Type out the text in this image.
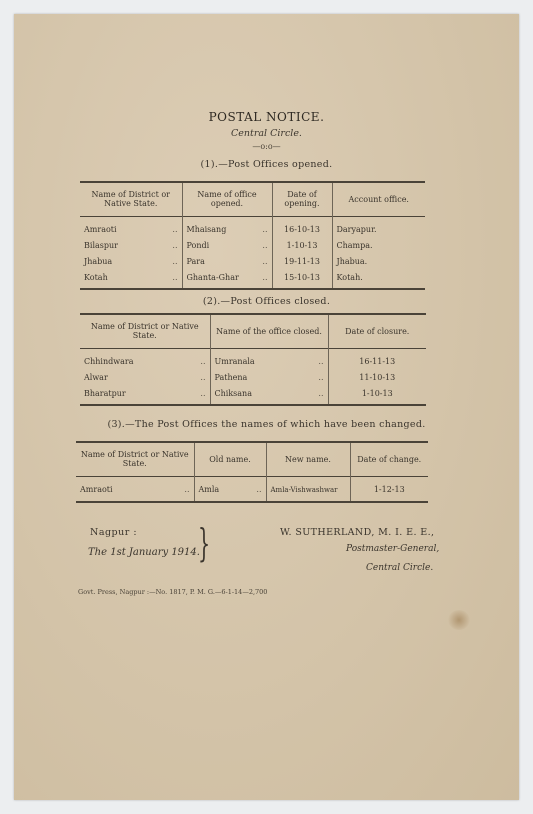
POSTAL NOTICE.
Central Circle.
—o:o—
(1).—Post Offices opened.
Name of District or Native State.	Name of office opened.	Date of opening.	Account office.
Amraoti ..	Mhaisang ..	16-10-13	Daryapur.
Bilaspur ..	Pondi ..	1-10-13	Champa.
Jhabua ..	Para ..	19-11-13	Jhabua.
Kotah ..	Ghanta-Ghar ..	15-10-13	Kotah.
(2).—Post Offices closed.
Name of District or Native State.	Name of the office closed.	Date of closure.
Chhindwara ..	Umranala ..	16-11-13
Alwar ..	Pathena ..	11-10-13
Bharatpur ..	Chiksana ..	1-10-13
(3).—The Post Offices the names of which have been changed.
Name of District or Native State.	Old name.	New name.	Date of change.
Amraoti ..	Amla ..	Amla-Vishwashwar	1-12-13
Nagpur :
The 1st January 1914.
}	W. SUTHERLAND, M. I. E. E.,
Postmaster-General,
Central Circle.
Govt. Press, Nagpur :—No. 1817, P. M. G.—6-1-14—2,700
